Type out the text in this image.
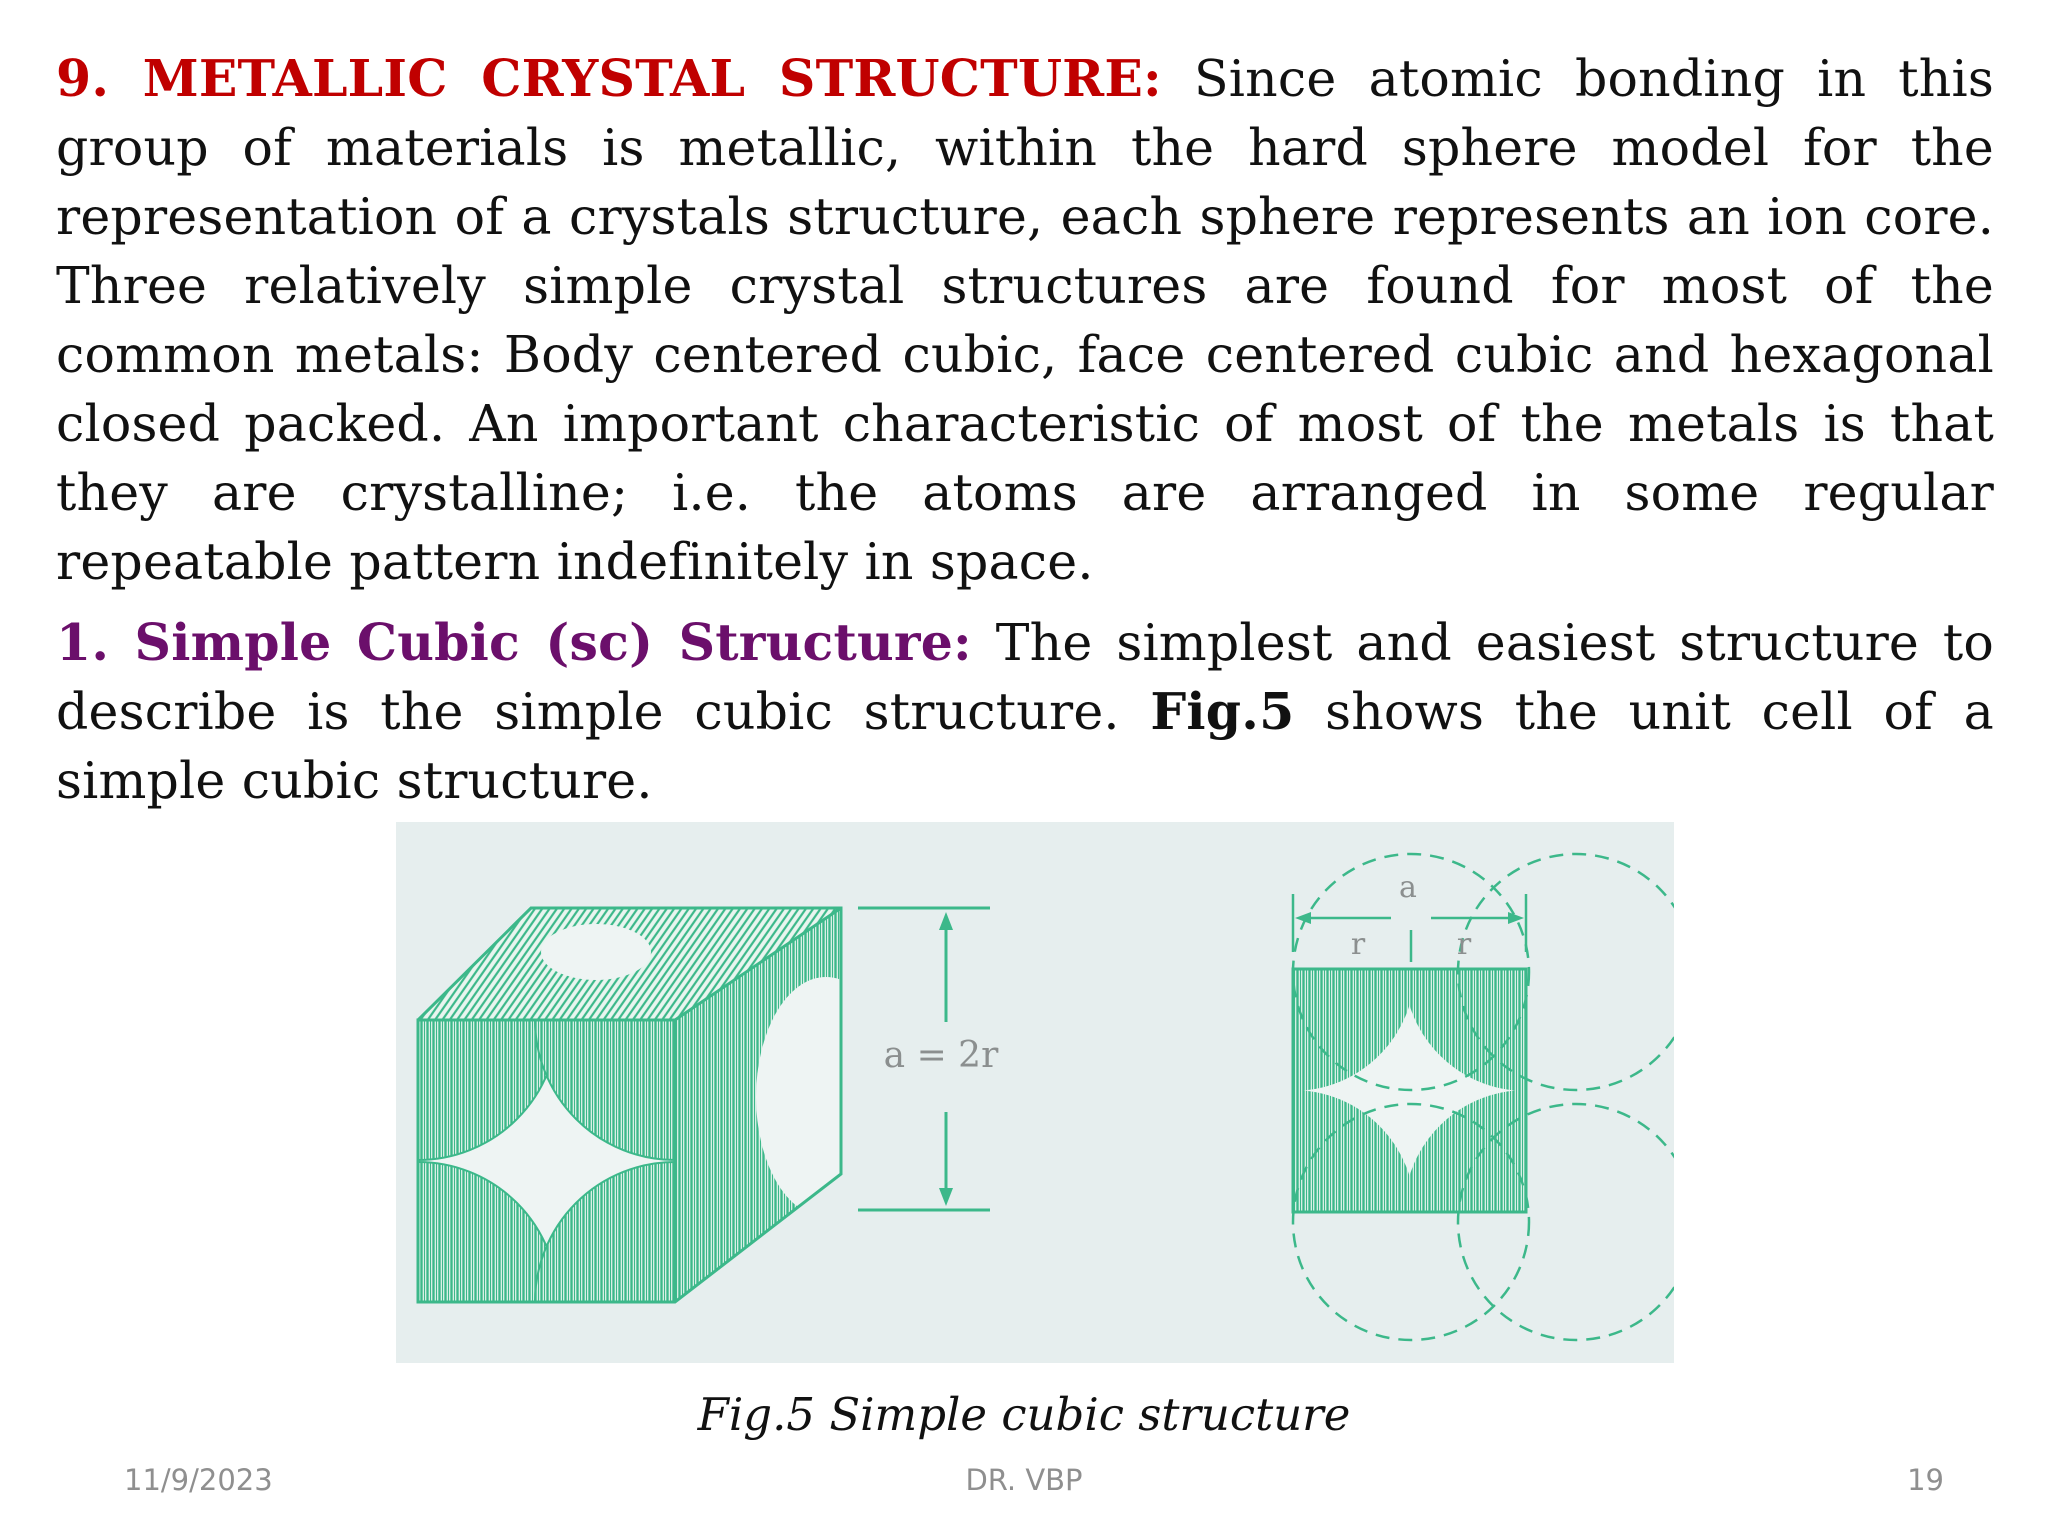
9. METALLIC CRYSTAL STRUCTURE: Since atomic bonding in this group of materials is metallic, within the hard sphere model for the representation of a crystals structure, each sphere represents an ion core. Three relatively simple crystal structures are found for most of the common metals: Body centered cubic, face centered cubic and hexagonal closed packed. An important characteristic of most of the metals is that they are crystalline; i.e. the atoms are arranged in some regular repeatable pattern indefinitely in space.

1. Simple Cubic (sc) Structure: The simplest and easiest structure to describe is the simple cubic structure. Fig.5 shows the unit cell of a simple cubic structure.

a = 2r
a
r	r
Fig.5 Simple cubic structure
11/9/2023	DR. VBP	19
